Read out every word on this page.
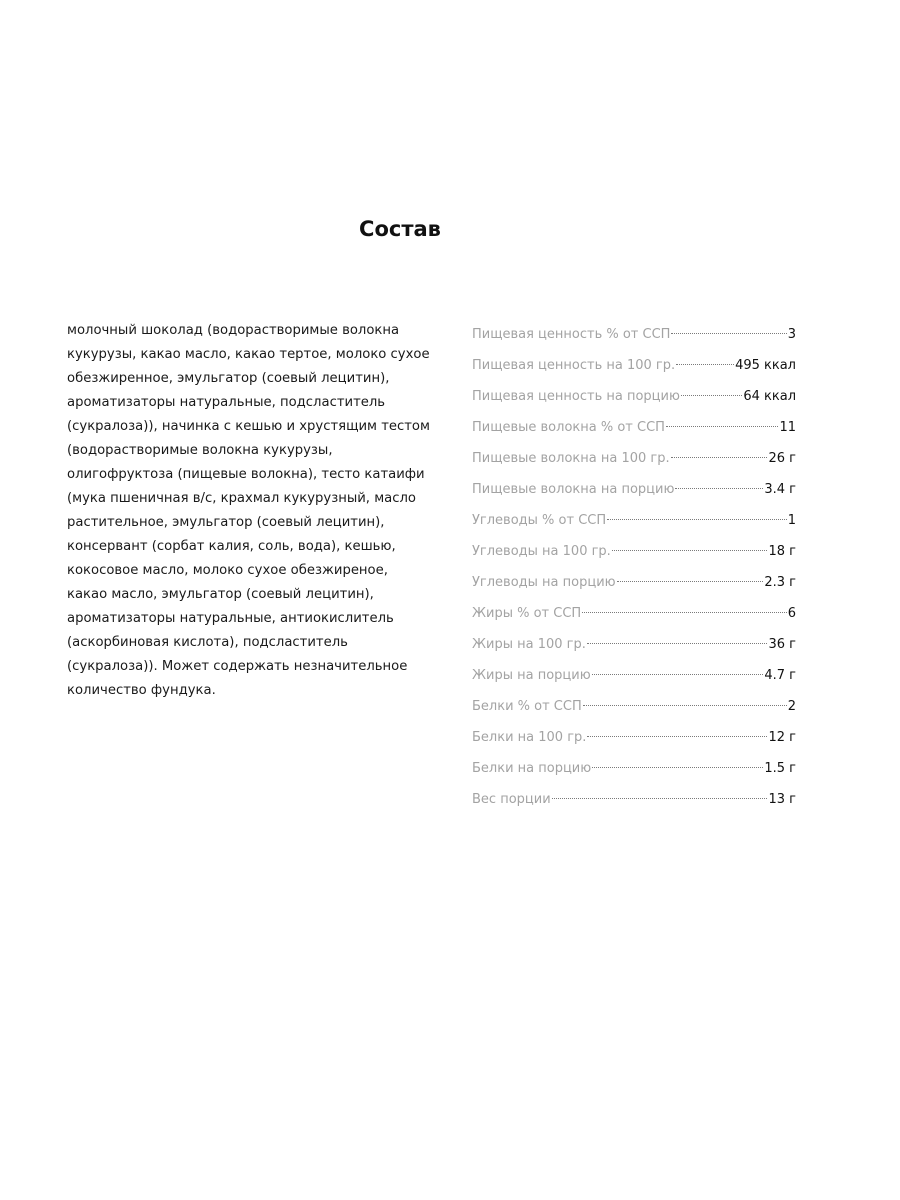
Состав

молочный шоколад (водорастворимые волокна кукурузы, какао масло, какао тертое, молоко сухое обезжиренное, эмульгатор (соевый лецитин), ароматизаторы натуральные, подсластитель (сукралоза)), начинка с кешью и хрустящим тестом (водорастворимые волокна кукурузы, олигофруктоза (пищевые волокна), тесто катаифи (мука пшеничная в/с, крахмал кукурузный, масло растительное, эмульгатор (соевый лецитин), консервант (сорбат калия, соль, вода), кешью, кокосовое масло, молоко сухое обезжиреное, какао масло, эмульгатор (соевый лецитин), ароматизаторы натуральные, антиокислитель (аскорбиновая кислота), подсластитель (сукралоза)). Может содержать незначительное количество фундука.

Пищевая ценность % от ССП	3
Пищевая ценность на 100 гр.	495 ккал
Пищевая ценность на порцию	64 ккал
Пищевые волокна % от ССП	11
Пищевые волокна на 100 гр.	26 г
Пищевые волокна на порцию	3.4 г
Углеводы % от ССП	1
Углеводы на 100 гр.	18 г
Углеводы на порцию	2.3 г
Жиры % от ССП	6
Жиры на 100 гр.	36 г
Жиры на порцию	4.7 г
Белки % от ССП	2
Белки на 100 гр.	12 г
Белки на порцию	1.5 г
Вес порции	13 г
